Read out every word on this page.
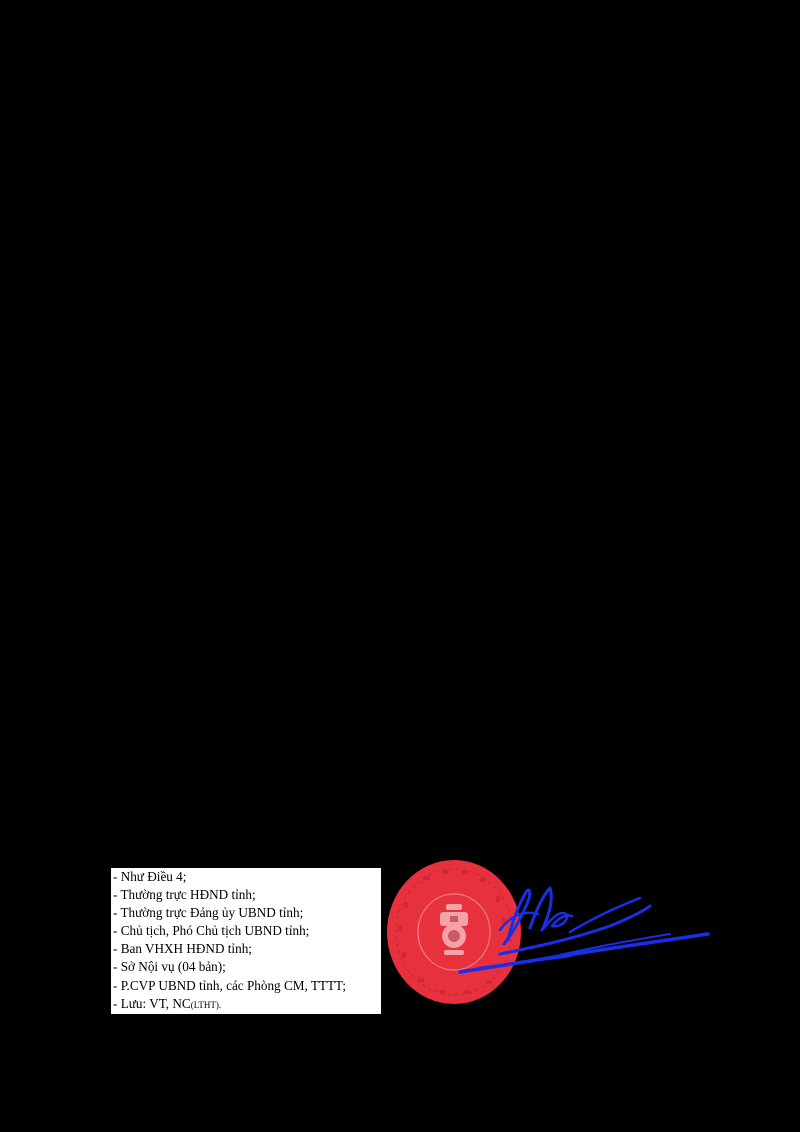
- Như Điều 4;
- Thường trực HĐND tỉnh;
- Thường trực Đảng ủy UBND tỉnh;
- Chủ tịch, Phó Chủ tịch UBND tỉnh;
- Ban VHXH HĐND tỉnh;
- Sở Nội vụ (04 bản);
- P.CVP UBND tỉnh, các Phòng CM, TTTT;
- Lưu: VT, NC(LTHT).
